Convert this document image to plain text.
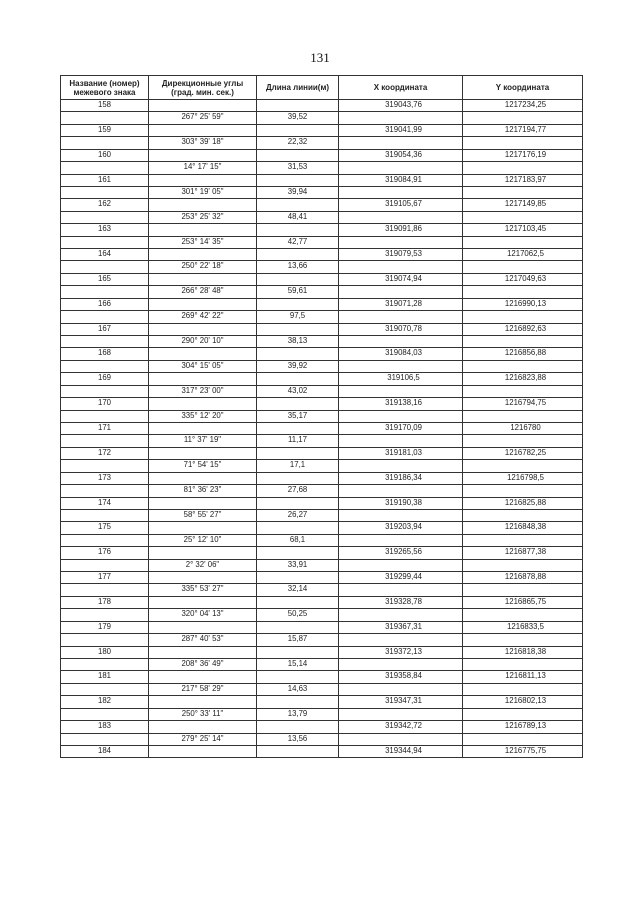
131
Название (номер) межевого знака	Дирекционные углы (град. мин. сек.)	Длина линии(м)	X координата	Y координата
158			319043,76	1217234,25
	267° 25' 59"	39,52		
159			319041,99	1217194,77
	303° 39' 18"	22,32		
160			319054,36	1217176,19
	14° 17' 15"	31,53		
161			319084,91	1217183,97
	301° 19' 05"	39,94		
162			319105,67	1217149,85
	253° 25' 32"	48,41		
163			319091,86	1217103,45
	253° 14' 35"	42,77		
164			319079,53	1217062,5
	250° 22' 18"	13,66		
165			319074,94	1217049,63
	266° 28' 48"	59,61		
166			319071,28	1216990,13
	269° 42' 22"	97,5		
167			319070,78	1216892,63
	290° 20' 10"	38,13		
168			319084,03	1216856,88
	304° 15' 05"	39,92		
169			319106,5	1216823,88
	317° 23' 00"	43,02		
170			319138,16	1216794,75
	335° 12' 20"	35,17		
171			319170,09	1216780
	11° 37' 19"	11,17		
172			319181,03	1216782,25
	71° 54' 15"	17,1		
173			319186,34	1216798,5
	81° 36' 23"	27,68		
174			319190,38	1216825,88
	58° 55' 27"	26,27		
175			319203,94	1216848,38
	25° 12' 10"	68,1		
176			319265,56	1216877,38
	2° 32' 06"	33,91		
177			319299,44	1216878,88
	335° 53' 27"	32,14		
178			319328,78	1216865,75
	320° 04' 13"	50,25		
179			319367,31	1216833,5
	287° 40' 53"	15,87		
180			319372,13	1216818,38
	208° 36' 49"	15,14		
181			319358,84	1216811,13
	217° 58' 29"	14,63		
182			319347,31	1216802,13
	250° 33' 11"	13,79		
183			319342,72	1216789,13
	279° 25' 14"	13,56		
184			319344,94	1216775,75
